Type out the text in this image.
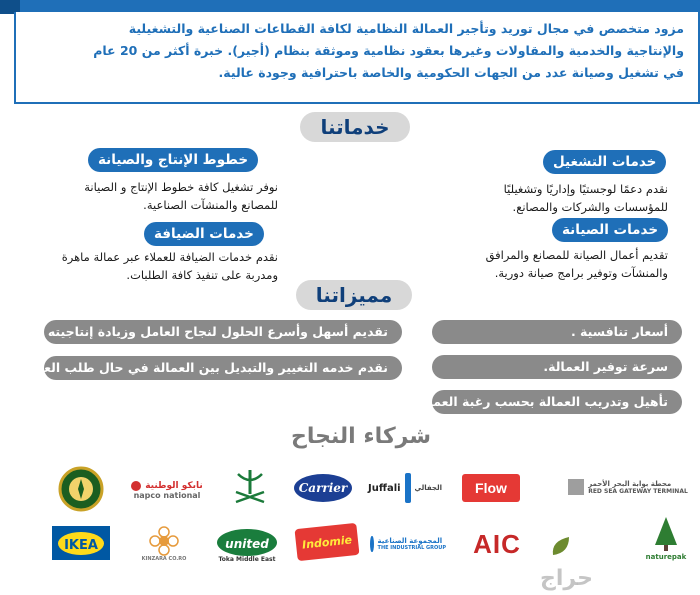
مزود متخصص في مجال توريد وتأجير العمالة النظامية لكافة القطاعات الصناعية والتشغيلية
والإنتاجية والخدمية والمقاولات وغيرها بعقود نظامية وموثقة بنظام (أجير). خبرة أكثر من 20 عام
في تشغيل وصيانة عدد من الجهات الحكومية والخاصة باحترافية وجودة عالية.
خدماتنا
خطوط الإنتاج والصيانة
نوفر تشغيل كافة خطوط الإنتاج و الصيانة للمصانع والمنشآت الصناعية.
خدمات التشغيل
نقدم دعمًا لوجستيًا وإداريًا وتشغيليًا للمؤسسات والشركات والمصانع.
خدمات الضيافة
نقدم خدمات الضيافة للعملاء عبر عمالة ماهرة ومدربة على تنفيذ كافة الطلبات.
خدمات الصيانة
تقديم أعمال الصيانة للمصانع والمرافق والمنشآت وتوفير برامج صيانة دورية.
مميزاتنا
تقديم أسهل وأسرع الحلول لنجاح العامل وزيادة إنتاجيته .
نقدم خدمه التغيير والتبديل بين العمالة في حال طلب العميل.
أسعار تنافسية .
سرعة توفير العمالة.
تأهيل وتدريب العمالة بحسب رغبة العميل.
شركاء النجاح
نابكو الوطنية
napco national	Carrier Juffali الجفالي Flow	محطة بوابة البحر الأحمر
RED SEA GATEWAY TERMINAL
IKEA
KINZARA CO.RO
united
Toka Middle East
Indomie	المجموعة الصناعية
THE INDUSTRIAL GROUP AIC	naturepak
حراج
